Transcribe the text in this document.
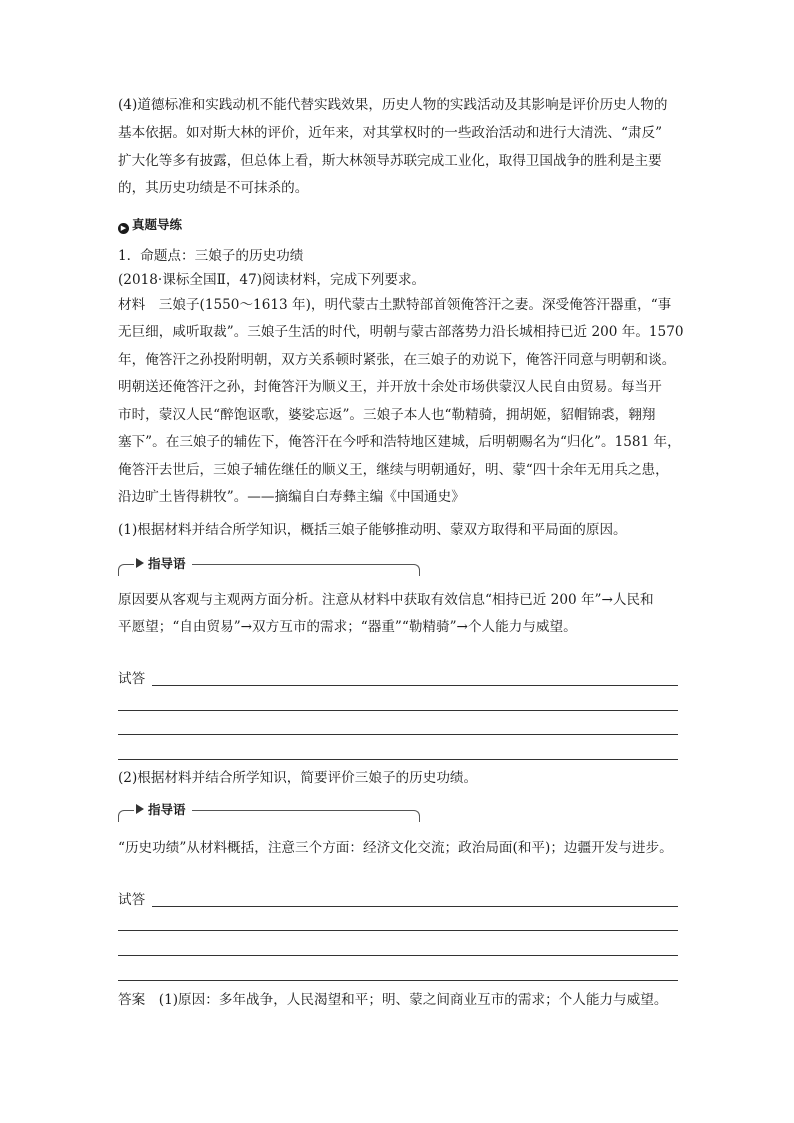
(4)道德标准和实践动机不能代替实践效果，历史人物的实践活动及其影响是评价历史人物的
基本依据。如对斯大林的评价，近年来，对其掌权时的一些政治活动和进行大清洗、“肃反”
扩大化等多有披露，但总体上看，斯大林领导苏联完成工业化，取得卫国战争的胜利是主要
的，其历史功绩是不可抹杀的。
▶ 真题导练
1．命题点：三娘子的历史功绩
(2018·课标全国Ⅱ，47)阅读材料，完成下列要求。
材料　三娘子(1550～1613 年)，明代蒙古土默特部首领俺答汗之妻。深受俺答汗器重，“事
无巨细，咸听取裁”。三娘子生活的时代，明朝与蒙古部落势力沿长城相持已近 200 年。1570
年，俺答汗之孙投附明朝，双方关系顿时紧张，在三娘子的劝说下，俺答汗同意与明朝和谈。
明朝送还俺答汗之孙，封俺答汗为顺义王，并开放十余处市场供蒙汉人民自由贸易。每当开
市时，蒙汉人民“醉饱讴歌，婆娑忘返”。三娘子本人也“勒精骑，拥胡姬，貂帽锦裘，翱翔
塞下”。在三娘子的辅佐下，俺答汗在今呼和浩特地区建城，后明朝赐名为“归化”。1581 年，
俺答汗去世后，三娘子辅佐继任的顺义王，继续与明朝通好，明、蒙“四十余年无用兵之患，
沿边旷土皆得耕牧”。——摘编自白寿彝主编《中国通史》
(1)根据材料并结合所学知识，概括三娘子能够推动明、蒙双方取得和平局面的原因。
指导语
原因要从客观与主观两方面分析。注意从材料中获取有效信息“相持已近 200 年”→人民和
平愿望；“自由贸易”→双方互市的需求；“器重”“勒精骑”→个人能力与威望。
试答
(2)根据材料并结合所学知识，简要评价三娘子的历史功绩。
指导语
“历史功绩”从材料概括，注意三个方面：经济文化交流；政治局面(和平)；边疆开发与进步。
试答
答案　(1)原因：多年战争，人民渴望和平；明、蒙之间商业互市的需求；个人能力与威望。
